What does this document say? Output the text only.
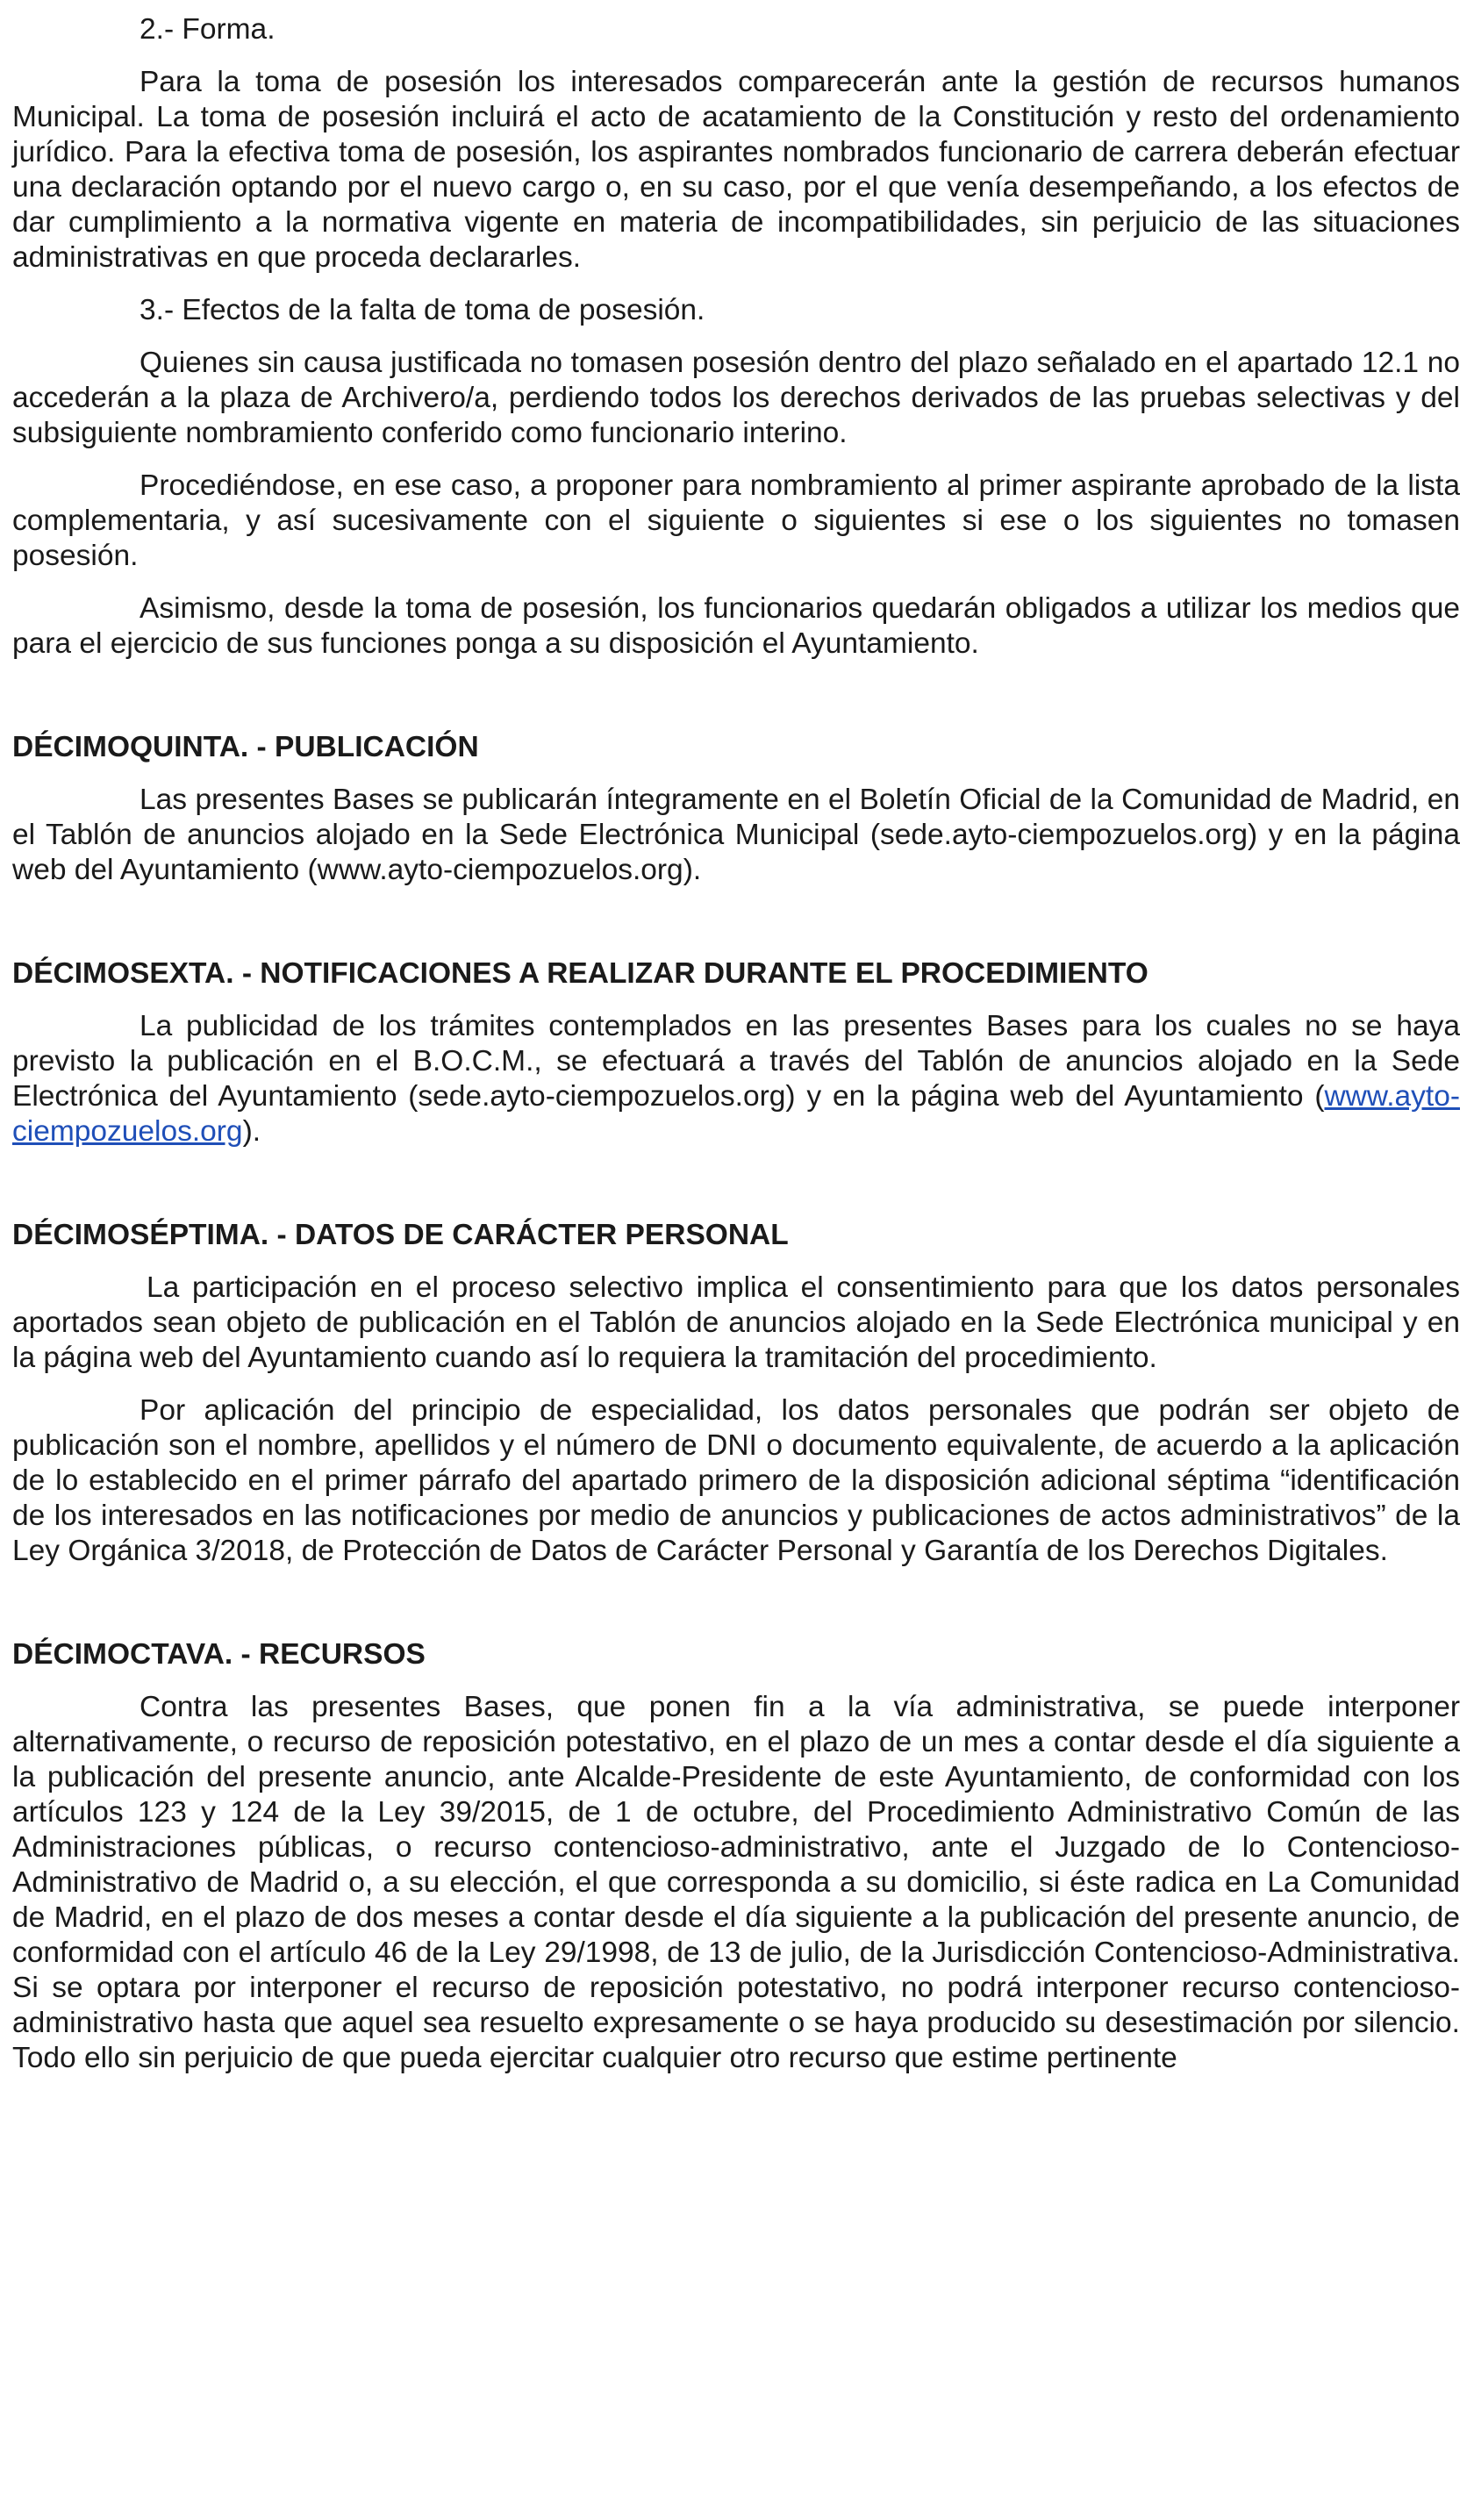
2.- Forma.

Para la toma de posesión los interesados comparecerán ante la gestión de recursos humanos Municipal. La toma de posesión incluirá el acto de acatamiento de la Constitución y resto del ordenamiento jurídico. Para la efectiva toma de posesión, los aspirantes nombrados funcionario de carrera deberán efectuar una declaración optando por el nuevo cargo o, en su caso, por el que venía desempeñando, a los efectos de dar cumplimiento a la normativa vigente en materia de incompatibilidades, sin perjuicio de las situaciones administrativas en que proceda declararles.

3.- Efectos de la falta de toma de posesión.

Quienes sin causa justificada no tomasen posesión dentro del plazo señalado en el apartado 12.1 no accederán a la plaza de Archivero/a, perdiendo todos los derechos derivados de las pruebas selectivas y del subsiguiente nombramiento conferido como funcionario interino.

Procediéndose, en ese caso, a proponer para nombramiento al primer aspirante aprobado de la lista complementaria, y así sucesivamente con el siguiente o siguientes si ese o los siguientes no tomasen posesión.

Asimismo, desde la toma de posesión, los funcionarios quedarán obligados a utilizar los medios que para el ejercicio de sus funciones ponga a su disposición el Ayuntamiento.

DÉCIMOQUINTA. - PUBLICACIÓN

Las presentes Bases se publicarán íntegramente en el Boletín Oficial de la Comunidad de Madrid, en el Tablón de anuncios alojado en la Sede Electrónica Municipal (sede.ayto-ciempozuelos.org) y en la página web del Ayuntamiento (www.ayto-ciempozuelos.org).

DÉCIMOSEXTA. - NOTIFICACIONES A REALIZAR DURANTE EL PROCEDIMIENTO

La publicidad de los trámites contemplados en las presentes Bases para los cuales no se haya previsto la publicación en el B.O.C.M., se efectuará a través del Tablón de anuncios alojado en la Sede Electrónica del Ayuntamiento (sede.ayto-ciempozuelos.org) y en la página web del Ayuntamiento (www.ayto-ciempozuelos.org).

DÉCIMOSÉPTIMA. - DATOS DE CARÁCTER PERSONAL

La participación en el proceso selectivo implica el consentimiento para que los datos personales aportados sean objeto de publicación en el Tablón de anuncios alojado en la Sede Electrónica municipal y en la página web del Ayuntamiento cuando así lo requiera la tramitación del procedimiento.

Por aplicación del principio de especialidad, los datos personales que podrán ser objeto de publicación son el nombre, apellidos y el número de DNI o documento equivalente, de acuerdo a la aplicación de lo establecido en el primer párrafo del apartado primero de la disposición adicional séptima “identificación de los interesados en las notificaciones por medio de anuncios y publicaciones de actos administrativos” de la Ley Orgánica 3/2018, de Protección de Datos de Carácter Personal y Garantía de los Derechos Digitales.

DÉCIMOCTAVA. - RECURSOS

Contra las presentes Bases, que ponen fin a la vía administrativa, se puede interponer alternativamente, o recurso de reposición potestativo, en el plazo de un mes a contar desde el día siguiente a la publicación del presente anuncio, ante Alcalde-Presidente de este Ayuntamiento, de conformidad con los artículos 123 y 124 de la Ley 39/2015, de 1 de octubre, del Procedimiento Administrativo Común de las Administraciones públicas, o recurso contencioso-administrativo, ante el Juzgado de lo Contencioso- Administrativo de Madrid o, a su elección, el que corresponda a su domicilio, si éste radica en La Comunidad de Madrid, en el plazo de dos meses a contar desde el día siguiente a la publicación del presente anuncio, de conformidad con el artículo 46 de la Ley 29/1998, de 13 de julio, de la Jurisdicción Contencioso-Administrativa. Si se optara por interponer el recurso de reposición potestativo, no podrá interponer recurso contencioso-administrativo hasta que aquel sea resuelto expresamente o se haya producido su desestimación por silencio. Todo ello sin perjuicio de que pueda ejercitar cualquier otro recurso que estime pertinente
